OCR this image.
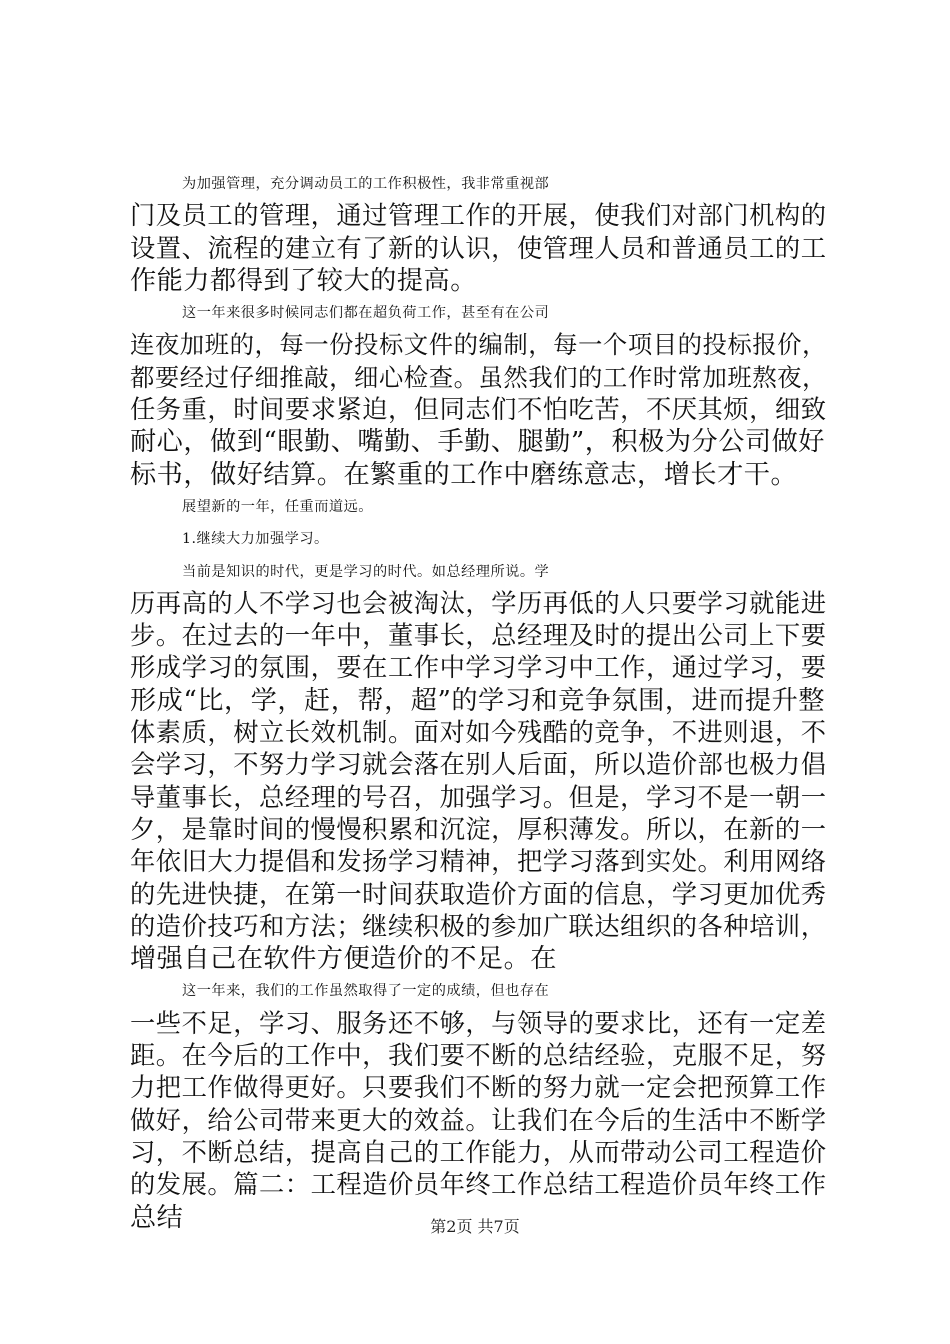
为加强管理，充分调动员工的工作积极性，我非常重视部
门及员工的管理，通过管理工作的开展，使我们对部门机构的
设置、流程的建立有了新的认识，使管理人员和普通员工的工
作能力都得到了较大的提高。
这一年来很多时候同志们都在超负荷工作，甚至有在公司
连夜加班的，每一份投标文件的编制，每一个项目的投标报价，
都要经过仔细推敲，细心检查。虽然我们的工作时常加班熬夜，
任务重，时间要求紧迫，但同志们不怕吃苦，不厌其烦，细致
耐心，做到“眼勤、嘴勤、手勤、腿勤”，积极为分公司做好
标书，做好结算。在繁重的工作中磨练意志，增长才干。
展望新的一年，任重而道远。
1.继续大力加强学习。
当前是知识的时代，更是学习的时代。如总经理所说。学
历再高的人不学习也会被淘汰，学历再低的人只要学习就能进
步。在过去的一年中，董事长，总经理及时的提出公司上下要
形成学习的氛围，要在工作中学习学习中工作，通过学习，要
形成“比，学，赶，帮，超”的学习和竞争氛围，进而提升整
体素质，树立长效机制。面对如今残酷的竞争，不进则退，不
会学习，不努力学习就会落在别人后面，所以造价部也极力倡
导董事长，总经理的号召，加强学习。但是，学习不是一朝一
夕，是靠时间的慢慢积累和沉淀，厚积薄发。所以，在新的一
年依旧大力提倡和发扬学习精神，把学习落到实处。利用网络
的先进快捷，在第一时间获取造价方面的信息，学习更加优秀
的造价技巧和方法；继续积极的参加广联达组织的各种培训，
增强自己在软件方便造价的不足。在
这一年来，我们的工作虽然取得了一定的成绩，但也存在
一些不足，学习、服务还不够，与领导的要求比，还有一定差
距。在今后的工作中，我们要不断的总结经验，克服不足，努
力把工作做得更好。只要我们不断的努力就一定会把预算工作
做好，给公司带来更大的效益。让我们在今后的生活中不断学
习，不断总结，提高自己的工作能力，从而带动公司工程造价
的发展。篇二：工程造价员年终工作总结工程造价员年终工作
总结	第2页 共7页
